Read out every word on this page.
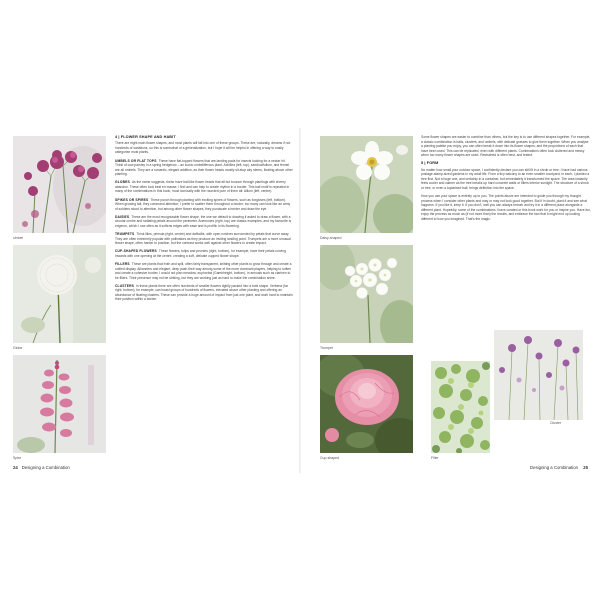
Umbel
Globe
Spire
4 | FLOWER SHAPE AND HABIT

There are eight main flower shapes, and most plants will fall into one of these groups. These are, naturally, dreams if not hundreds of variations, so this is somewhat of a generalization, but I hope it will be helpful in offering a way to easily categorise most plants.

UMBELS OR FLAT TOPS These have flat-topped flowers that are landing pads for insects looking for a nectar hit. Think of cow parsley in a spring hedgerow – an iconic umbelliferous plant. Achillea (left, top), sambucifolium, and fennel are all umbels. They are a romantic, elegant addition, as their flower heads mostly sit atop airy stems, floating above other planting.

GLOBES As the name suggests, these have ball-like flower heads that all but bounce through plantings with cheery abandon. These often look best en masse; I find and can help to create rhythm in a border. This ball motif is repeated in many of the combinations in this book, most iconically with the rounded pom of them all: Allium (left, centre).

SPIKES OR SPIRES These punch through planting with exciting spires of flowers, such as foxgloves (left, bottom). When growing tall, they command attention; I prefer to scatter them throughout a border, too many can look like an army of soldiers stood to attention, but among other flower shapes, they punctuate a border and draw the eye.

DAISIES These are the most recognizable flower shape, the one we default to drawing if asked to draw a flower, with a circular centre and radiating petals around the perimeter. Anemones (right, top) are classic examples, and my favourite is erigeron, which I use often as it softens edges with ease and is prolific in its flowering.

TRUMPETS Think lilies, primula (right, centre) and daffodils, with open notches surrounded by petals that curve away. They are often extremely popular with pollinators as they produce an inviting landing point. Trumpets are a more unusual flower shape, often harder to position, but the contrast works well against other flowers to create impact.

CUP-SHAPED FLOWERS These flowers, tulips and peonies (right, bottom), for example, have their petals curving inwards with one opening at the centre, creating a soft, delicate cupped flower shape.

FILLERS These are plants that froth and spill, often fairly transparent, knitting other plants to grow through and create a unified display. Alkanders and elegant, deep pash their way among some of the more dominant players, helping to soften and create a cohesive border. I would not plan meadow, euphorbia (Gambheight, bottom), in annuals such as clarinen to be fillers. Their presence may not be striking, but they are working just as hard to make the combination shine.

CLUSTERS In these plants there are often hundreds of smaller flowers tightly packed into a bold shape. Verbena (far right, bottom), for example, can boast groups of hundreds of flowers, elevated above other planting and offering an abundance of floating clusters. These can provide a huge amount of impact from just one plant, and work hard to maintain their position within a border.

24 Designing a Combination
Daisy-shaped
Trumpet
Cup-shaped

Some flower shapes are easier to combine than others, but the key is to use different shapes together. For example, a classic combination is balls, clusters, and umbels, with delicate grasses to give them together. When you analyse a planting palette you enjoy, you can often break it down into its flower shapes, and the proportions of each that have been used. This can be replicated, even with different plants. Combinations often look cluttered and messy when too many flower shapes are used. Restrained is often best, and tested.

5 | FORM

No matter how small your outdoor space, I confidently declare you can still fit in a shrub or tree. I have had various postage-stamp-sized gardens in my adult life. From a tiny balcony to an even smaller courtyard, in each, I planted a tree first. Not a huge one, and certainly in a container, but immediately it transformed the space. The area instantly feels cooler and calmer as the tree breaks up hard concrete walls or fillers interior sunlight. The structure of a shrub or tree, or even a topiarised ball, brings definition into the space.

How you use your space is entirely up to you. The points above are intended to guide you through my thought process when I consider other plants and may or may not look good together. But if in doubt, plant it and see what happens. If you like it, keep it. If you don't, well you can always rework and try it in a different place alongside a different plant. Hopefully, some of the combinations I have curated or this book work for you or inspire you. Have fun, enjoy the process as much as (if not more than) the results, and embrace the fact that it might end up looking different to how you imagined. That's the magic.

Cluster
Filler
Designing a Combination 25
